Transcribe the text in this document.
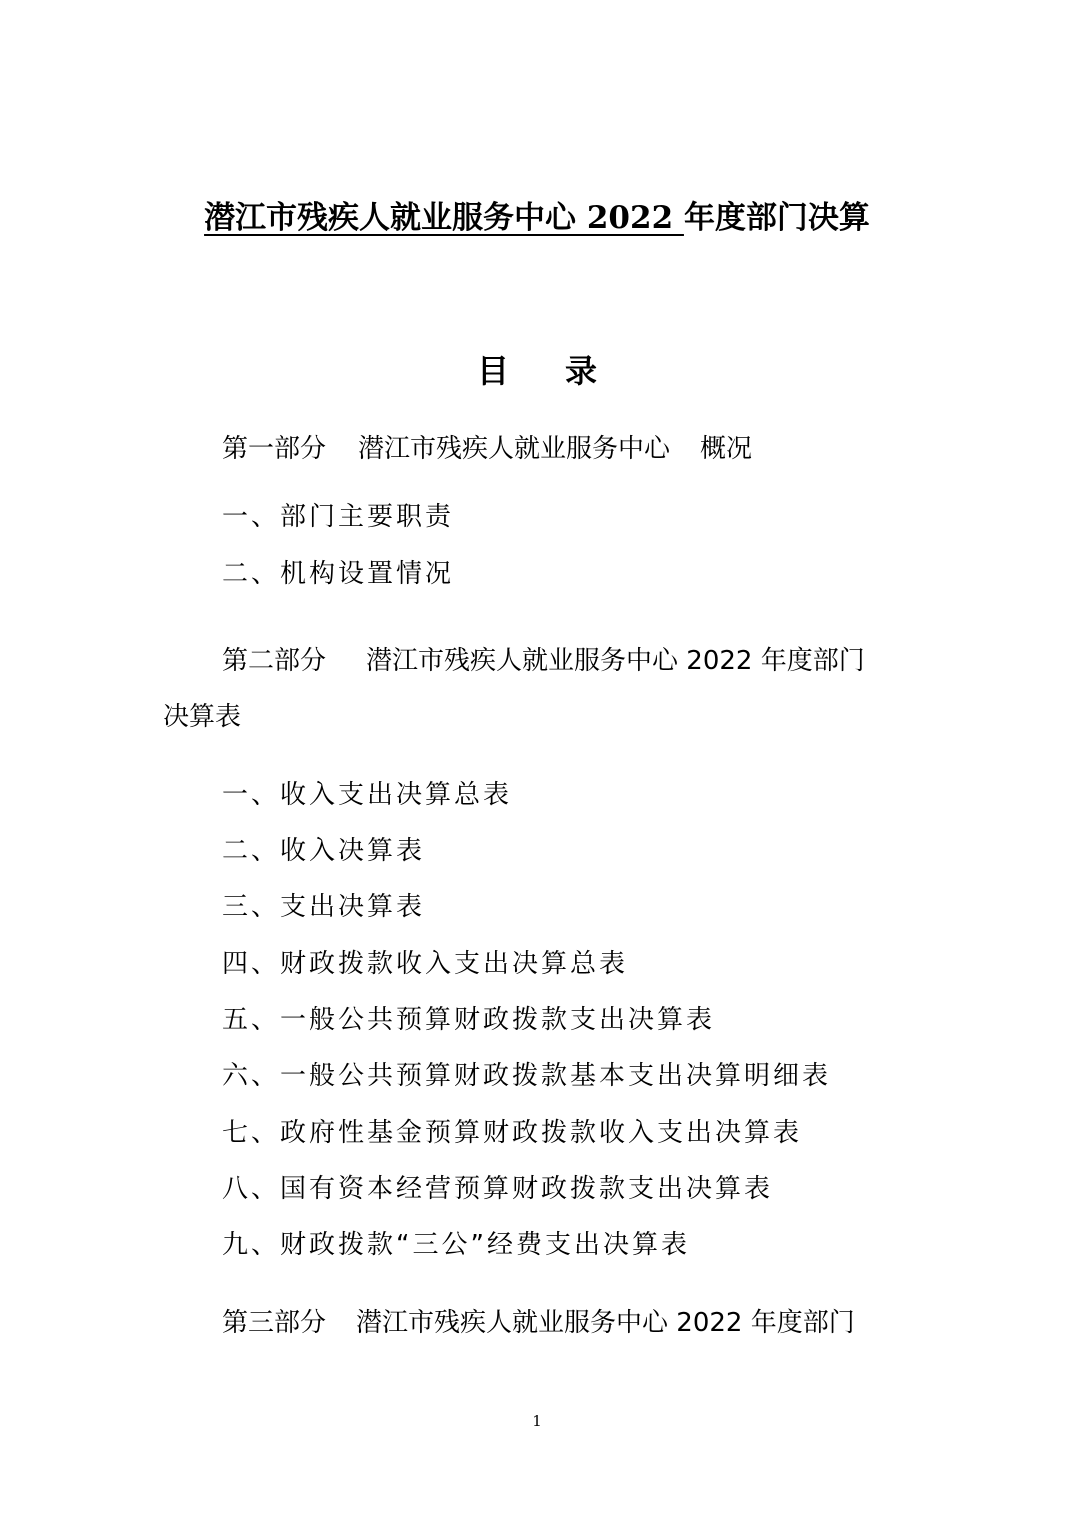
潜江市残疾人就业服务中心 2022 年度部门决算
目录
第一部分 潜江市残疾人就业服务中心 概况
一、部门主要职责
二、机构设置情况
第二部分 潜江市残疾人就业服务中心 2022 年度部门
决算表
一、收入支出决算总表
二、收入决算表
三、支出决算表
四、财政拨款收入支出决算总表
五、一般公共预算财政拨款支出决算表
六、一般公共预算财政拨款基本支出决算明细表
七、政府性基金预算财政拨款收入支出决算表
八、国有资本经营预算财政拨款支出决算表
九、财政拨款“三公”经费支出决算表
第三部分 潜江市残疾人就业服务中心 2022 年度部门
1
